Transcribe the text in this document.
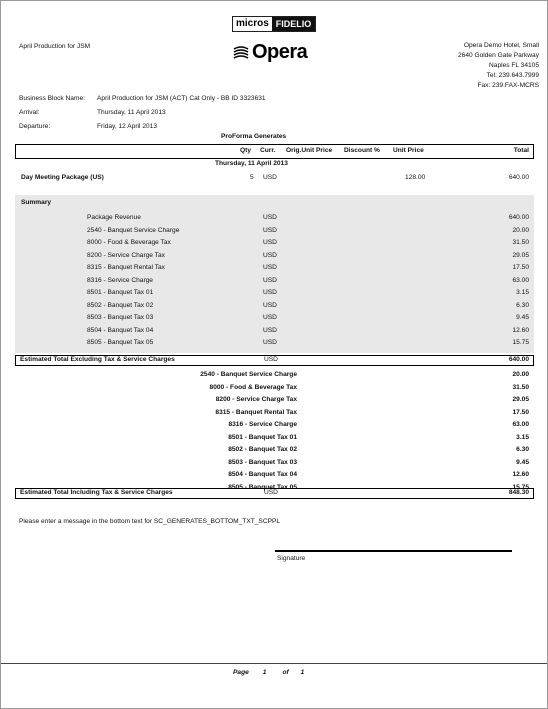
micros FIDELIO
Opera
April Production for JSM	Opera Demo Hotel, Small
2640 Golden Gate Parkway
Naples FL 34105
Tel: 239.643.7999
Fax: 239.FAX-MCRS
Business Block Name:	April Production for JSM (ACT) Cat Only - BB ID 3323631
Arrival:	Thursday, 11 April 2013
Departure:	Friday, 12 April 2013
ProForma Generates
Qty Curr. Orig.Unit Price Discount % Unit Price	Total
Thursday, 11 April 2013
Day Meeting Package (US)	5 USD	128.00	640.00
Summary
Package Revenue	USD	640.00
2540 - Banquet Service Charge	USD	20.00
8000 - Food & Beverage Tax	USD	31.50
8200 - Service Charge Tax	USD	29.05
8315 - Banquet Rental Tax	USD	17.50
8316 - Service Charge	USD	63.00
8501 - Banquet Tax 01	USD	3.15
8502 - Banquet Tax 02	USD	6.30
8503 - Banquet Tax 03	USD	9.45
8504 - Banquet Tax 04	USD	12.60
8505 - Banquet Tax 05	USD	15.75
Estimated Total Excluding Tax & Service Charges	USD	640.00
2540 - Banquet Service Charge	20.00
8000 - Food & Beverage Tax	31.50
8200 - Service Charge Tax	29.05
8315 - Banquet Rental Tax	17.50
8316 - Service Charge	63.00
8501 - Banquet Tax 01	3.15
8502 - Banquet Tax 02	6.30
8503 - Banquet Tax 03	9.45
8504 - Banquet Tax 04	12.60
8505 - Banquet Tax 05	15.75
Estimated Total Including Tax & Service Charges	USD	848.30
Please enter a message in the bottom text for SC_GENERATES_BOTTOM_TXT_SCPPL
Signature
Page 1 of 1
